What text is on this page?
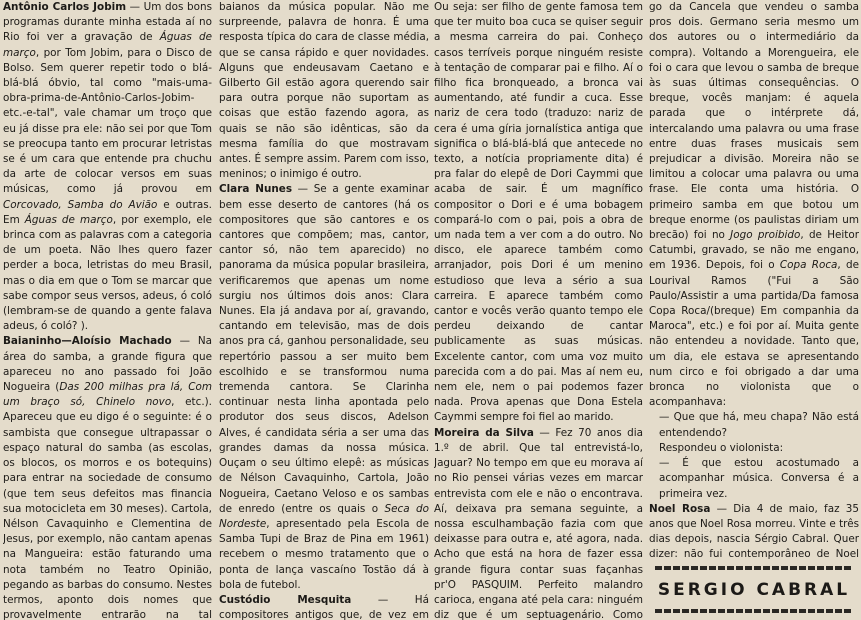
Antônio Carlos Jobim — Um dos bons programas durante minha estada aí no Rio foi ver a gravação de Águas de março, por Tom Jobim, para o Disco de Bolso. Sem querer repetir todo o blá-blá-blá óbvio, tal como "mais-uma-obra-prima-de-Antônio-Carlos-Jobim-etc.-e-tal", vale chamar um troço que eu já disse pra ele: não sei por que Tom se preocupa tanto em procurar letristas se é um cara que entende pra chuchu da arte de colocar versos em suas músicas, como já provou em Corcovado, Samba do Avião e outras. Em Águas de março, por exemplo, ele brinca com as palavras com a categoria de um poeta. Não lhes quero fazer perder a boca, letristas do meu Brasil, mas o dia em que o Tom se marcar que sabe compor seus versos, adeus, ó coló (lembram-se de quando a gente falava adeus, ó coló? ).

Baianinho—Aloísio Machado — Na área do samba, a grande figura que apareceu no ano passado foi João Nogueira (Das 200 milhas pra lá, Com um braço só, Chinelo novo, etc.). Apareceu que eu digo é o seguinte: é o sambista que consegue ultrapassar o espaço natural do samba (as escolas, os blocos, os morros e os botequins) para entrar na sociedade de consumo (que tem seus defeitos mas financia sua motocicleta em 30 meses). Cartola, Nélson Cavaquinho e Clementina de Jesus, por exemplo, não cantam apenas na Mangueira: estão faturando uma nota também no Teatro Opinião, pegando as barbas do consumo. Nestes termos, aponto dois nomes que provavelmente entrarão na tal

baianos da música popular. Não me surpreende, palavra de honra. É uma resposta típica do cara de classe média, que se cansa rápido e quer novidades. Alguns que endeusavam Caetano e Gilberto Gil estão agora querendo sair para outra porque não suportam as coisas que estão fazendo agora, as quais se não são idênticas, são da mesma família do que mostravam antes. É sempre assim. Parem com isso, meninos; o inimigo é outro.

Clara Nunes — Se a gente examinar bem esse deserto de cantores (há os compositores que são cantores e os cantores que compõem; mas, cantor, cantor só, não tem aparecido) no panorama da música popular brasileira, verificaremos que apenas um nome surgiu nos últimos dois anos: Clara Nunes. Ela já andava por aí, gravando, cantando em televisão, mas de dois anos pra cá, ganhou personalidade, seu repertório passou a ser muito bem escolhido e se transformou numa tremenda cantora. Se Clarinha continuar nesta linha apontada pelo produtor dos seus discos, Adelson Alves, é candidata séria a ser uma das grandes damas da nossa música. Ouçam o seu último elepê: as músicas de Nélson Cavaquinho, Cartola, João Nogueira, Caetano Veloso e os sambas de enredo (entre os quais o Seca do Nordeste, apresentado pela Escola de Samba Tupi de Braz de Pina em 1961) recebem o mesmo tratamento que o ponta de lança vascaíno Tostão dá à bola de futebol.

Custódio Mesquita	— Há compositores antigos que, de vez em

Ou seja: ser filho de gente famosa tem que ter muito boa cuca se quiser seguir a mesma carreira do pai. Conheço casos terríveis porque ninguém resiste à tentação de comparar pai e filho. Aí o filho fica bronqueado, a bronca vai aumentando, até fundir a cuca. Esse nariz de cera todo (traduzo: nariz de cera é uma gíria jornalística antiga que significa o blá-blá-blá que antecede no texto, a notícia propriamente dita) é pra falar do elepê de Dori Caymmi que acaba de sair. É um magnífico compositor o Dori e é uma bobagem compará-lo com o pai, pois a obra de um nada tem a ver com a do outro. No disco, ele aparece também como arranjador, pois Dori é um menino estudioso que leva a sério a sua carreira. E aparece também como cantor e vocês verão quanto tempo ele perdeu deixando de cantar publicamente as suas músicas. Excelente cantor, com uma voz muito parecida com a do pai. Mas aí nem eu, nem ele, nem o pai podemos fazer nada. Prova apenas que Dona Estela Caymmi sempre foi fiel ao marido.

Moreira da Silva — Fez 70 anos dia 1.º de abril. Que tal entrevistá-lo, Jaguar? No tempo em que eu morava aí no Rio pensei várias vezes em marcar entrevista com ele e não o encontrava. Aí, deixava pra semana seguinte, a nossa esculhambação fazia com que deixasse para outra e, até agora, nada. Acho que está na hora de fazer essa grande figura contar suas façanhas pr'O PASQUIM. Perfeito malandro carioca, engana até pela cara: ninguém diz que é um septuagenário. Como

go da Cancela que vendeu o samba pros dois. Germano seria mesmo um dos autores ou o intermediário da compra). Voltando a Morengueira, ele foi o cara que levou o samba de breque às suas últimas consequências. O breque, vocês manjam: é aquela parada que o intérprete dá, intercalando uma palavra ou uma frase entre duas frases musicais sem prejudicar a divisão. Moreira não se limitou a colocar uma palavra ou uma frase. Ele conta uma história. O primeiro samba em que botou um breque enorme (os paulistas diriam um brecão) foi no Jogo proibido, de Heitor Catumbi, gravado, se não me engano, em 1936. Depois, foi o Copa Roca, de Lourival Ramos ("Fui a São Paulo/Assistir a uma partida/Da famosa Copa Roca/(breque) Em companhia da Maroca", etc.) e foi por aí. Muita gente não entendeu a novidade. Tanto que, um dia, ele estava se apresentando num circo e foi obrigado a dar uma bronca no violonista que o acompanhava:

— Que que há, meu chapa? Não está entendendo?

Respondeu o violonista:

— É que estou acostumado a acompanhar música. Conversa é a primeira vez.

Noel Rosa — Dia 4 de maio, faz 35 anos que Noel Rosa morreu. Vinte e três dias depois, nascia Sérgio Cabral. Quer dizer: não fui contemporâneo de Noel

SERGIO CABRAL
